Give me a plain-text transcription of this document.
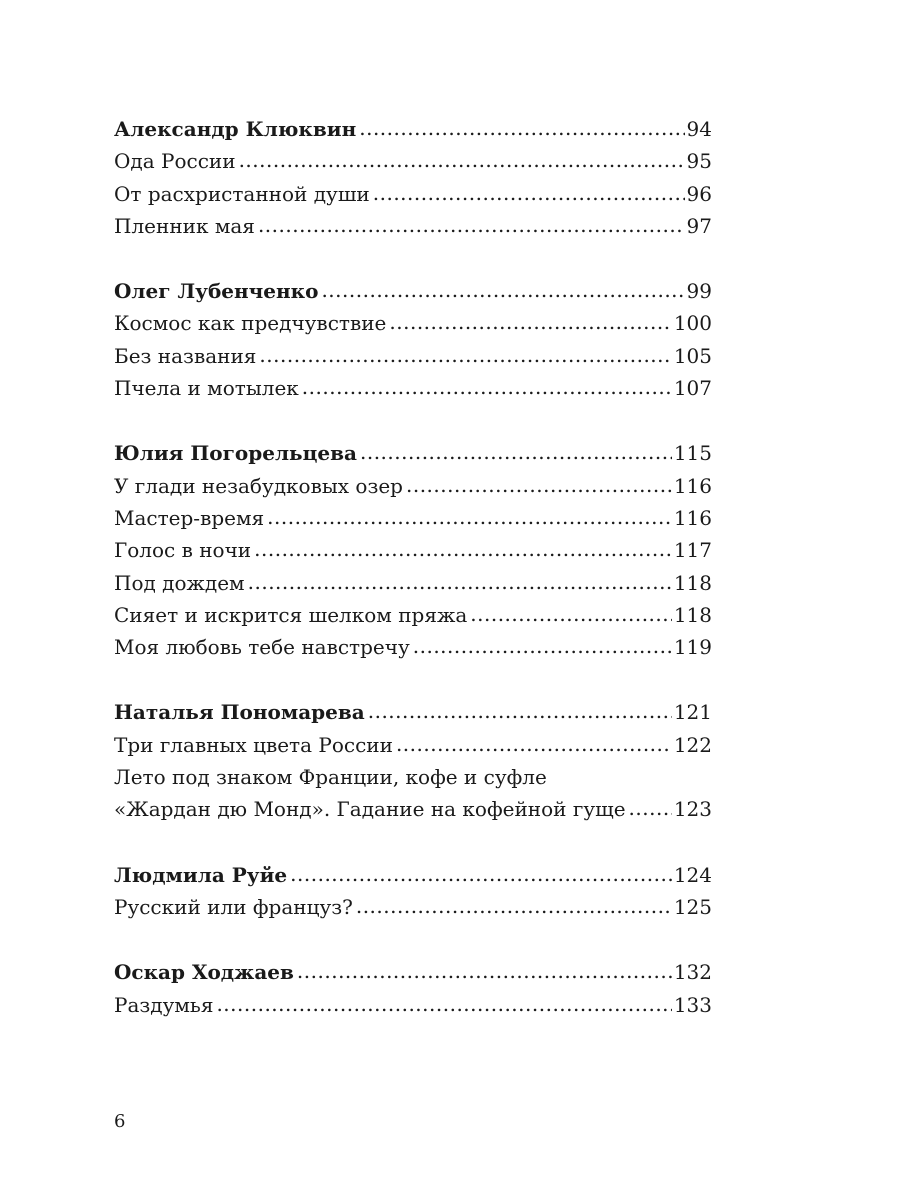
Александр Клюквин .....	94
Ода России .....	95
От расхристанной души .....	96
Пленник мая .....	97
Олег Лубенченко .....	99
Космос как предчувствие .....	100
Без названия .....	105
Пчела и мотылек .....	107
Юлия Погорельцева .....	115
У глади незабудковых озер .....	116
Мастер-время .....	116
Голос в ночи .....	117
Под дождем .....	118
Сияет и искрится шелком пряжа .....	118
Моя любовь тебе навстречу .....	119
Наталья Пономарева .....	121
Три главных цвета России .....	122
Лето под знаком Франции, кофе и суфле
«Жардан дю Монд». Гадание на кофейной гуще ..... 123
Людмила Руйе .....	124
Русский или француз? .....	125
Оскар Ходжаев .....	132
Раздумья .....	133
6
